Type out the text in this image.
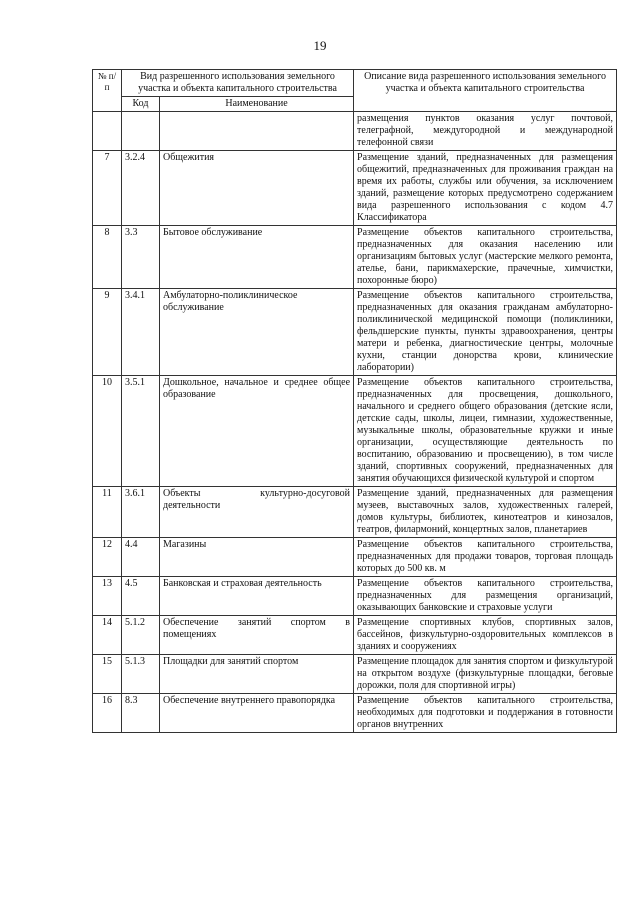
19
№ п/п	Вид разрешенного использования земельного участка и объекта капитального строительства		Описание вида разрешенного использования земельного участка и объекта капитального строительства
	Код	Наименование	
			размещения пунктов оказания услуг почтовой, телеграфной, междугородной и международной телефонной связи
7	3.2.4	Общежития	Размещение зданий, предназначенных для размещения общежитий, предназначенных для проживания граждан на время их работы, службы или обучения, за исключением зданий, размещение которых предусмотрено содержанием вида разрешенного использования с кодом 4.7 Классификатора
8	3.3	Бытовое обслуживание	Размещение объектов капитального строительства, предназначенных для оказания населению или организациям бытовых услуг (мастерские мелкого ремонта, ателье, бани, парикмахерские, прачечные, химчистки, похоронные бюро)
9	3.4.1	Амбулаторно-поликлиническое обслуживание	Размещение объектов капитального строительства, предназначенных для оказания гражданам амбулаторно-поликлинической медицинской помощи (поликлиники, фельдшерские пункты, пункты здравоохранения, центры матери и ребенка, диагностические центры, молочные кухни, станции донорства крови, клинические лаборатории)
10	3.5.1	Дошкольное, начальное и среднее общее образование	Размещение объектов капитального строительства, предназначенных для просвещения, дошкольного, начального и среднего общего образования (детские ясли, детские сады, школы, лицеи, гимназии, художественные, музыкальные школы, образовательные кружки и иные организации, осуществляющие деятельность по воспитанию, образованию и просвещению), в том числе зданий, спортивных сооружений, предназначенных для занятия обучающихся физической культурой и спортом
11	3.6.1	Объекты культурно-досуговой деятельности	Размещение зданий, предназначенных для размещения музеев, выставочных залов, художественных галерей, домов культуры, библиотек, кинотеатров и кинозалов, театров, филармоний, концертных залов, планетариев
12	4.4	Магазины	Размещение объектов капитального строительства, предназначенных для продажи товаров, торговая площадь которых до 500 кв. м
13	4.5	Банковская и страховая деятельность	Размещение объектов капитального строительства, предназначенных для размещения организаций, оказывающих банковские и страховые услуги
14	5.1.2	Обеспечение занятий спортом в помещениях	Размещение спортивных клубов, спортивных залов, бассейнов, физкультурно-оздоровительных комплексов в зданиях и сооружениях
15	5.1.3	Площадки для занятий спортом	Размещение площадок для занятия спортом и физкультурой на открытом воздухе (физкультурные площадки, беговые дорожки, поля для спортивной игры)
16	8.3	Обеспечение внутреннего правопорядка	Размещение объектов капитального строительства, необходимых для подготовки и поддержания в готовности органов внутренних
